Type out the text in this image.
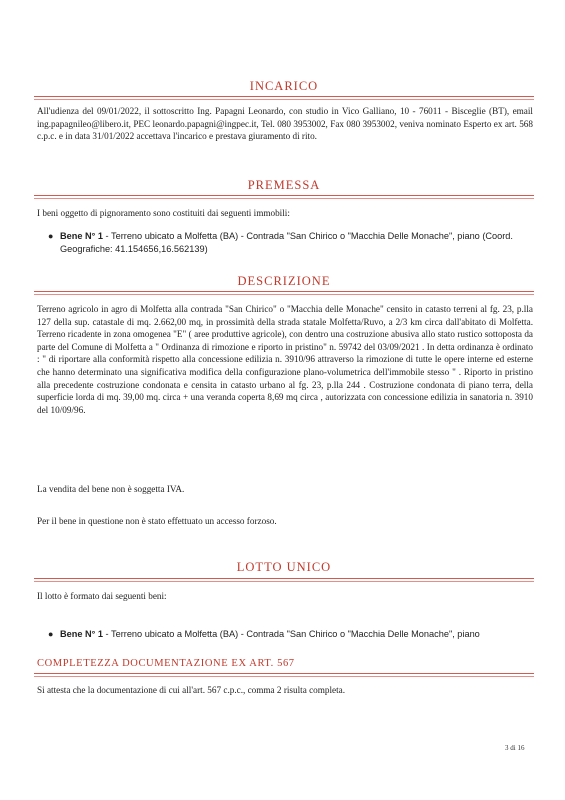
INCARICO
All'udienza del 09/01/2022, il sottoscritto Ing. Papagni Leonardo, con studio in Vico Galliano, 10 - 76011 - Bisceglie (BT), email ing.papagnileo@libero.it, PEC leonardo.papagni@ingpec.it, Tel. 080 3953002, Fax 080 3953002, veniva nominato Esperto ex art. 568 c.p.c. e in data 31/01/2022 accettava l'incarico e prestava giuramento di rito.
PREMESSA
I beni oggetto di pignoramento sono costituiti dai seguenti immobili:
● Bene N° 1 - Terreno ubicato a Molfetta (BA) - Contrada "San Chirico o "Macchia Delle Monache", piano (Coord. Geografiche: 41.154656,16.562139)
DESCRIZIONE
Terreno agricolo in agro di Molfetta alla contrada "San Chirico" o "Macchia delle Monache" censito in catasto terreni al fg. 23, p.lla 127 della sup. catastale di mq. 2.662,00 mq, in prossimità della strada statale Molfetta/Ruvo, a 2/3 km circa dall'abitato di Molfetta. Terreno ricadente in zona omogenea "E" ( aree produttive agricole), con dentro una costruzione abusiva allo stato rustico sottoposta da parte del Comune di Molfetta a " Ordinanza di rimozione e riporto in pristino" n. 59742 del 03/09/2021 . In detta ordinanza è ordinato : " di riportare alla conformità rispetto alla concessione edilizia n. 3910/96 attraverso la rimozione di tutte le opere interne ed esterne che hanno determinato una significativa modifica della configurazione plano-volumetrica dell'immobile stesso " . Riporto in pristino alla precedente costruzione condonata e censita in catasto urbano al fg. 23, p.lla 244 . Costruzione condonata di piano terra, della superficie lorda di mq. 39,00 mq. circa + una veranda coperta 8,69 mq circa , autorizzata con concessione edilizia in sanatoria n. 3910 del 10/09/96.
La vendita del bene non è soggetta IVA.
Per il bene in questione non è stato effettuato un accesso forzoso.
LOTTO UNICO
Il lotto è formato dai seguenti beni:
● Bene N° 1 - Terreno ubicato a Molfetta (BA) - Contrada "San Chirico o "Macchia Delle Monache", piano
COMPLETEZZA DOCUMENTAZIONE EX ART. 567
Si attesta che la documentazione di cui all'art. 567 c.p.c., comma 2 risulta completa.
3 di 16
